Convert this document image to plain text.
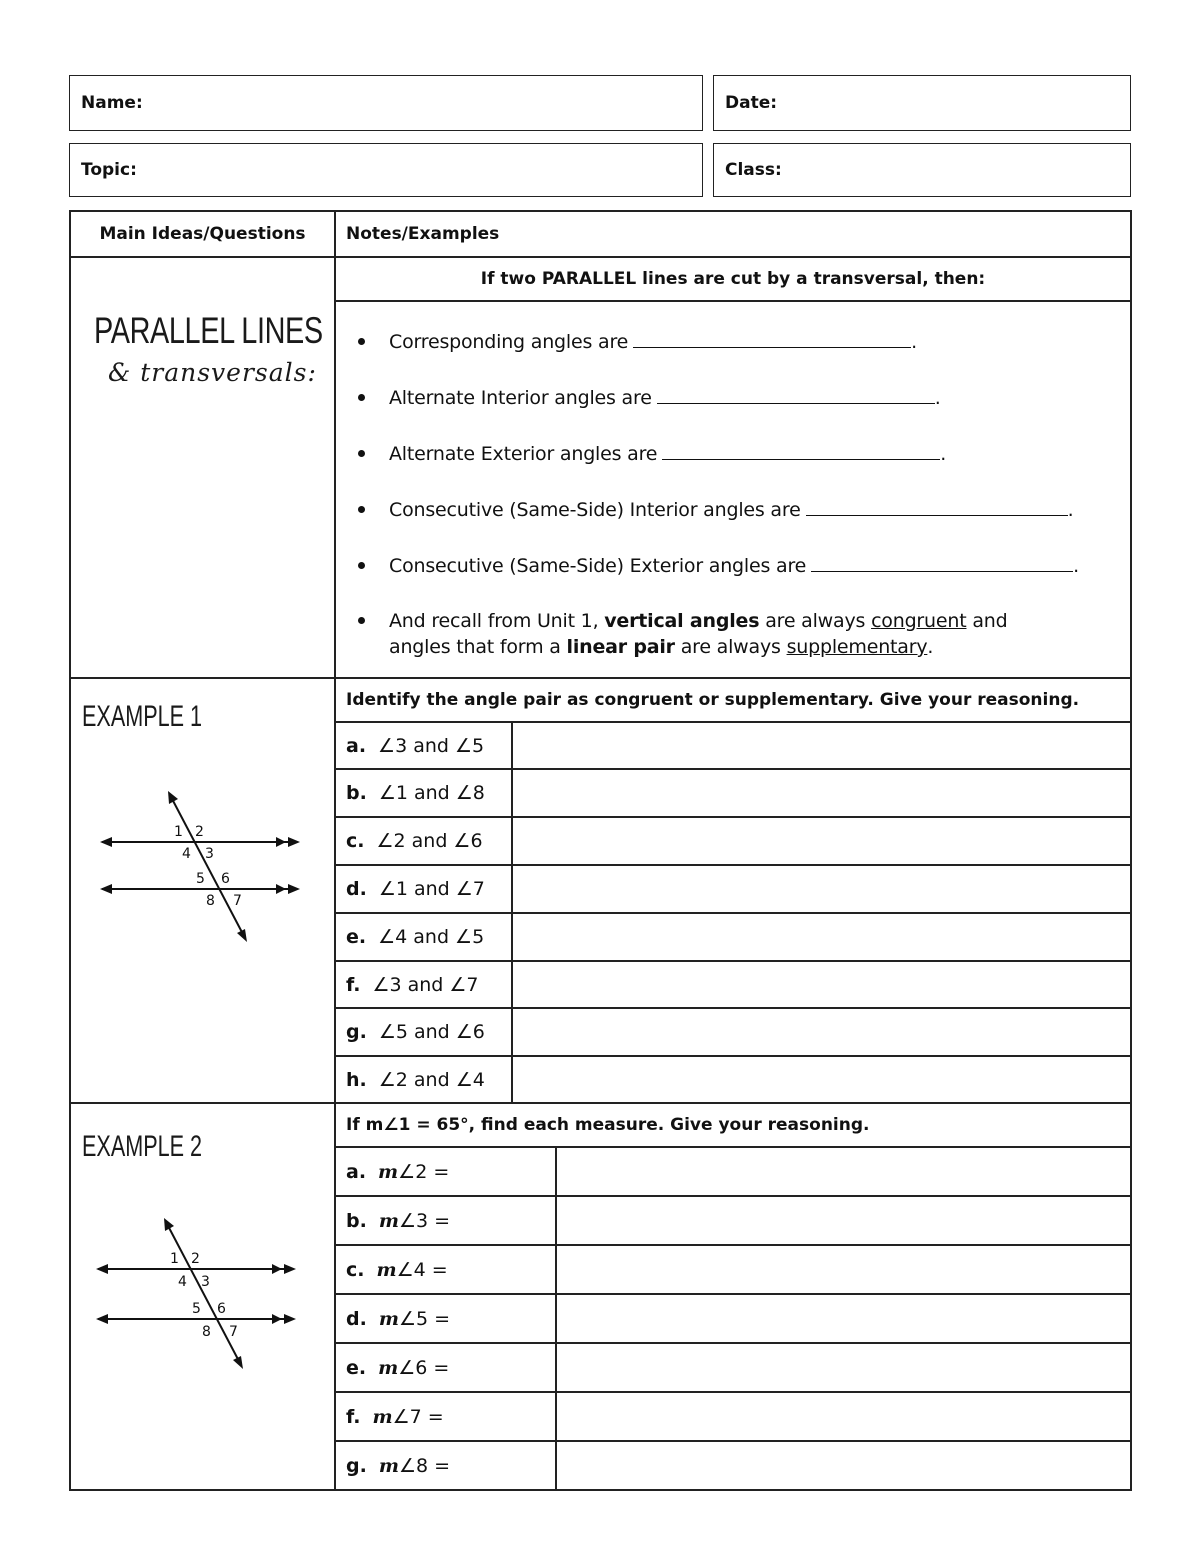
Name:	Date:
Topic:	Class:
Main Ideas/Questions	Notes/Examples
PARALLEL LINES
& transversals:
If two PARALLEL lines are cut by a transversal, then:
Corresponding angles are	.
Alternate Interior angles are	.
Alternate Exterior angles are	.
Consecutive (Same-Side) Interior angles are	.
Consecutive (Same-Side) Exterior angles are	.
And recall from Unit 1, vertical angles are always congruent and
angles that form a linear pair are always supplementary .
EXAMPLE 1	Identify the angle pair as congruent or supplementary. Give your reasoning.
a. ∠3 and ∠5
b. ∠1 and ∠8
c. ∠2 and ∠6
d. ∠1 and ∠7
e. ∠4 and ∠5
f. ∠3 and ∠7
g. ∠5 and ∠6
h. ∠2 and ∠4
1 2
4 3
5 6
8 7
EXAMPLE 2
If m∠1 = 65°, find each measure. Give your reasoning.
a. m ∠2 =
b. m ∠3 =
c. m ∠4 =
d. m ∠5 =
e. m ∠6 =
f. m ∠7 =
g. m ∠8 =
1 2
4 3
5 6
8 7
